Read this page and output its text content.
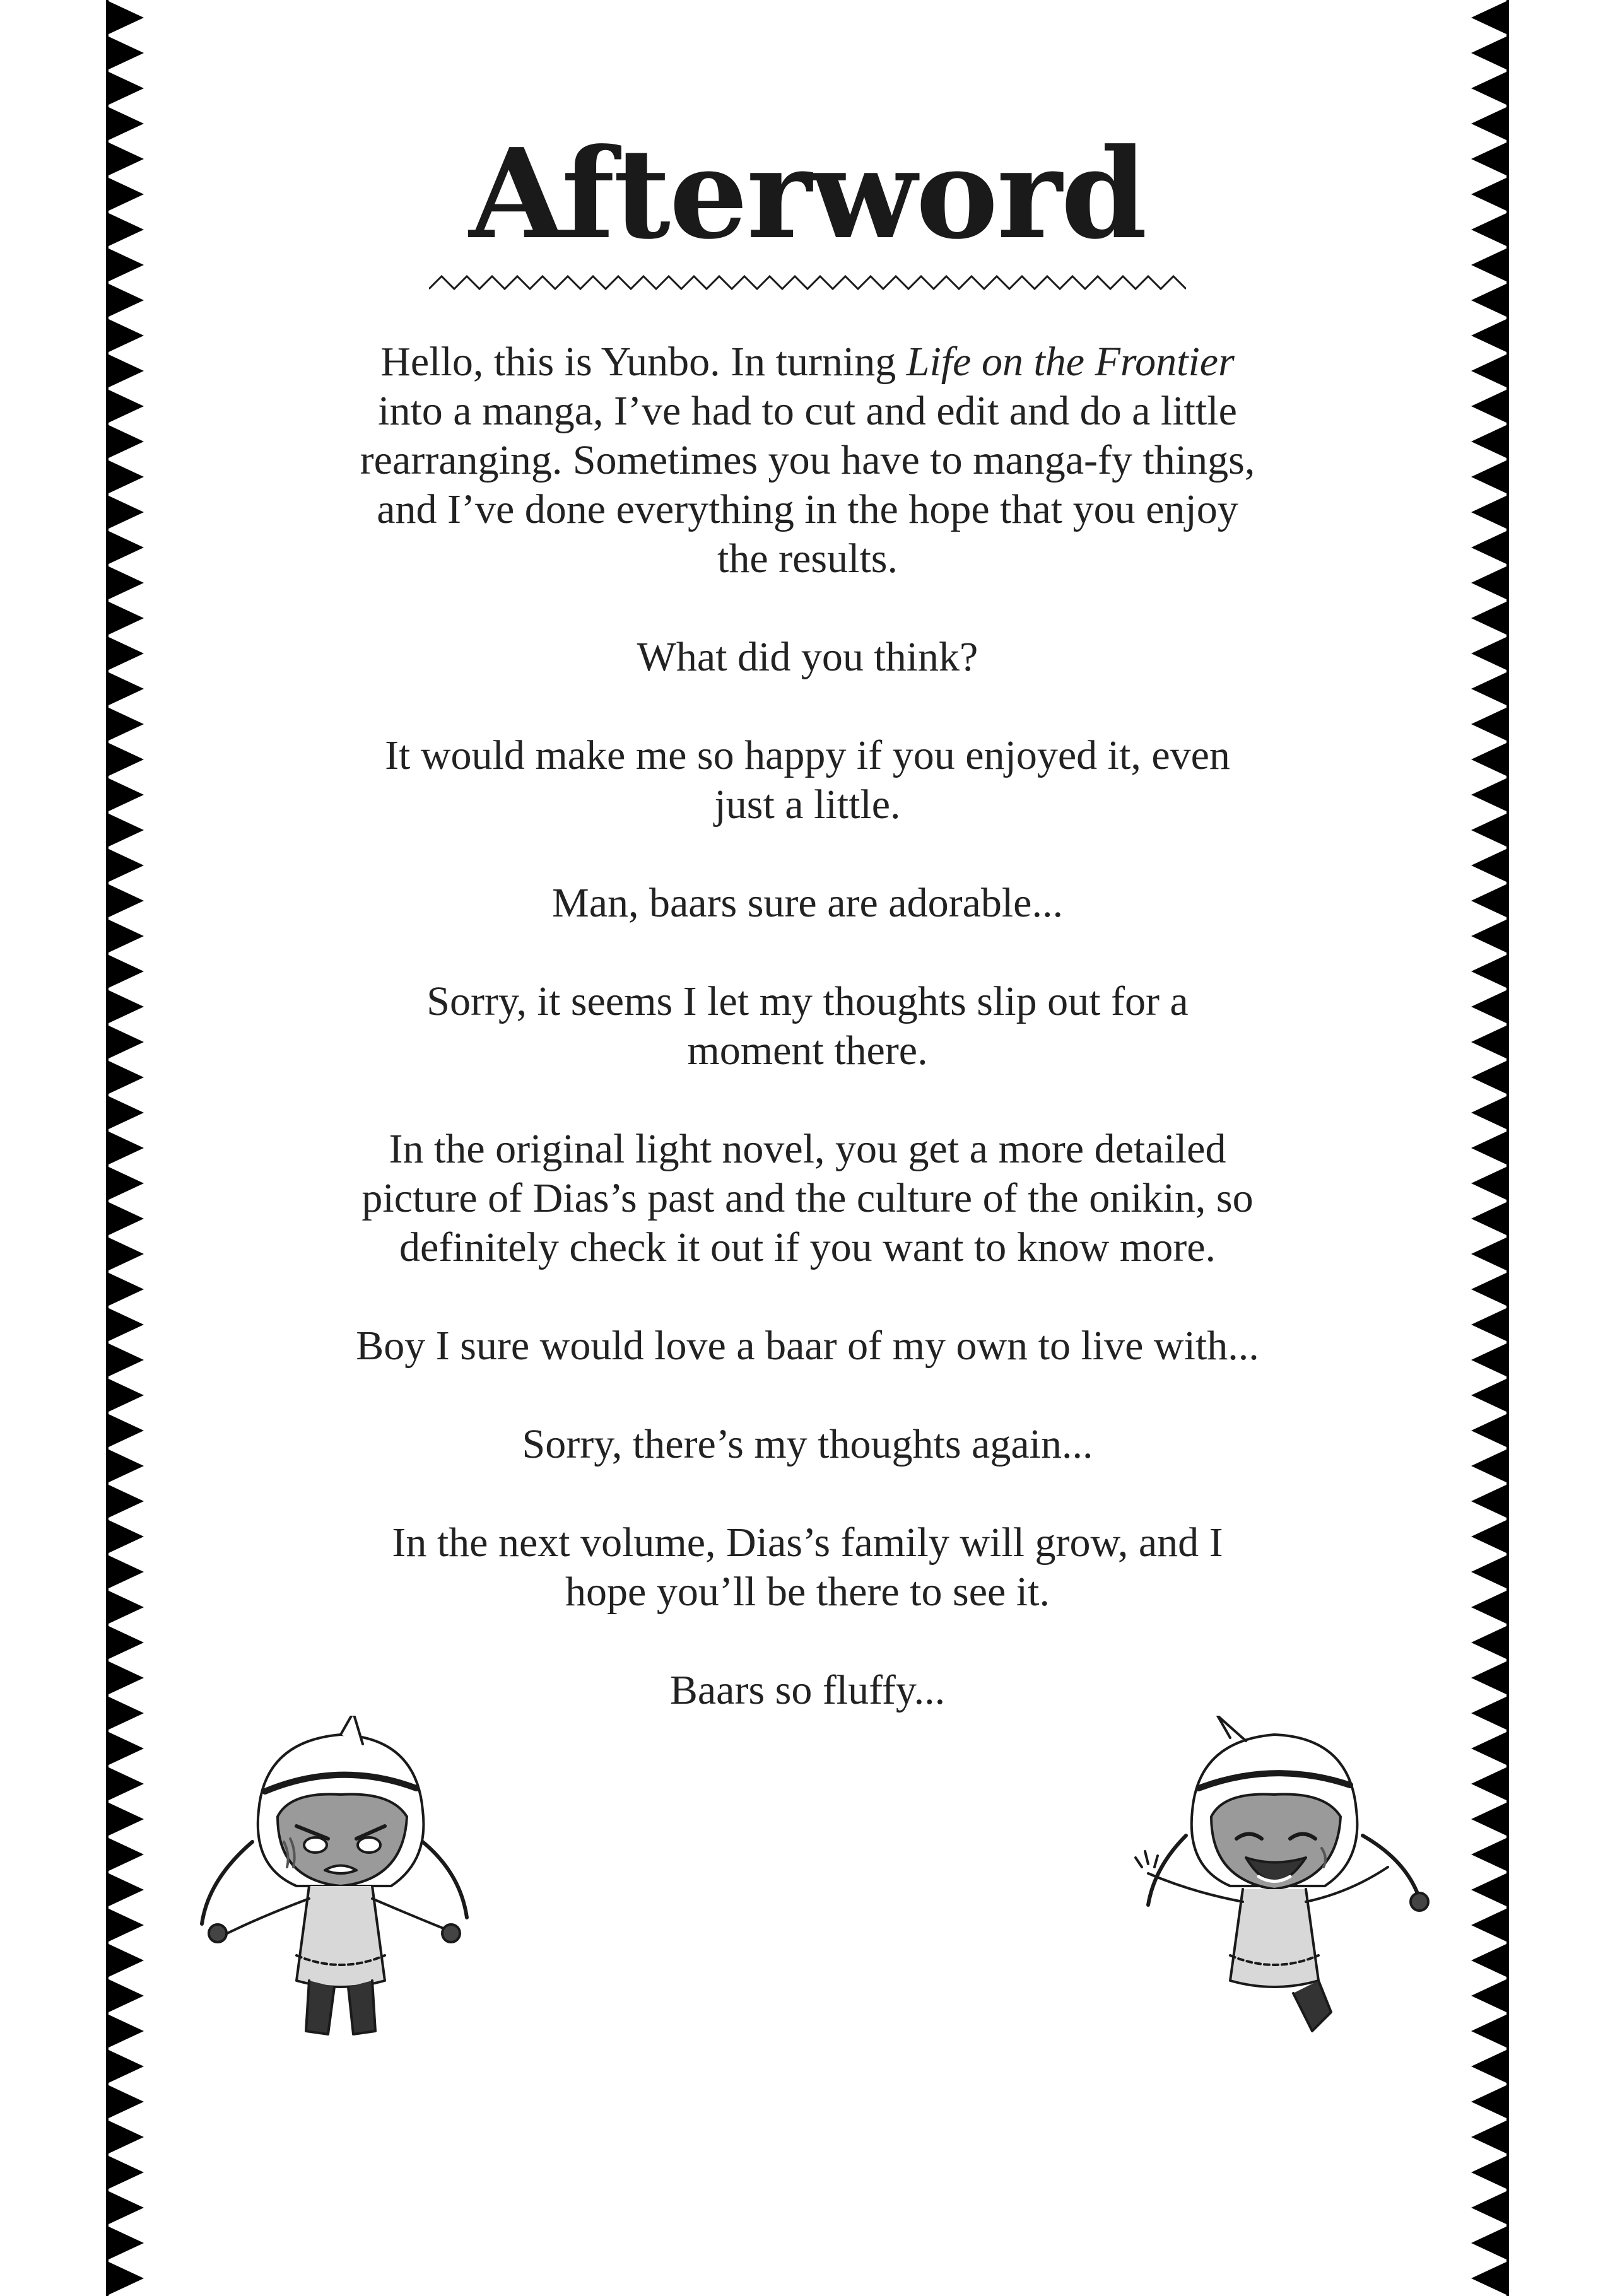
Afterword

Hello, this is Yunbo. In turning Life on the Frontier into a manga, I’ve had to cut and edit and do a little rearranging. Sometimes you have to manga-fy things, and I’ve done everything in the hope that you enjoy the results.

What did you think?

It would make me so happy if you enjoyed it, even just a little.

Man, baars sure are adorable...

Sorry, it seems I let my thoughts slip out for a moment there.

In the original light novel, you get a more detailed picture of Dias’s past and the culture of the onikin, so definitely check it out if you want to know more.

Boy I sure would love a baar of my own to live with...

Sorry, there’s my thoughts again...

In the next volume, Dias’s family will grow, and I hope you’ll be there to see it.

Baars so fluffy...
